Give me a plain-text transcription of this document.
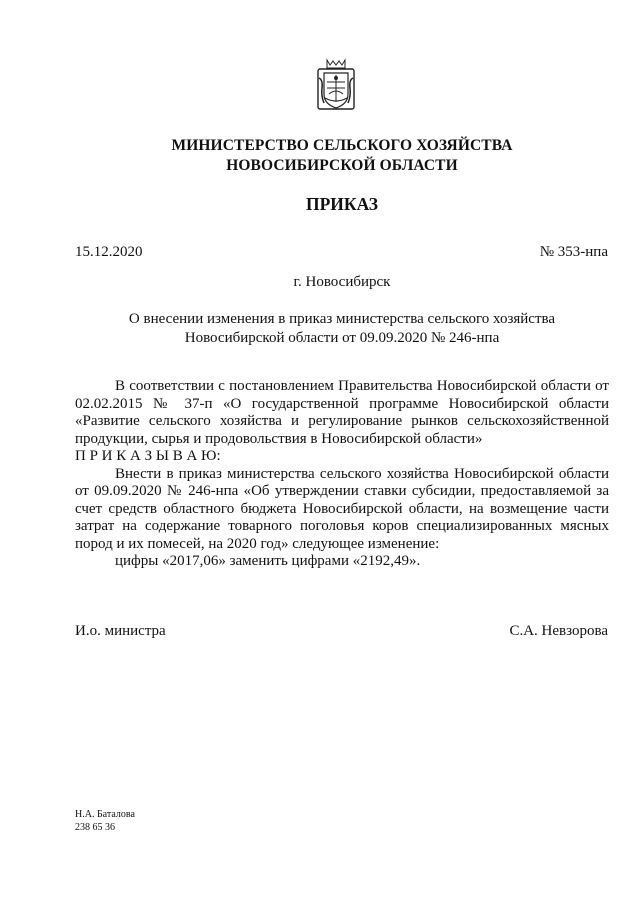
МИНИСТЕРСТВО СЕЛЬСКОГО ХОЗЯЙСТВА
НОВОСИБИРСКОЙ ОБЛАСТИ
ПРИКАЗ
15.12.2020	№ 353-нпа
г. Новосибирск
О внесении изменения в приказ министерства сельского хозяйства
Новосибирской области от 09.09.2020 № 246-нпа

В соответствии с постановлением Правительства Новосибирской области от 02.02.2015 № 37-п «О государственной программе Новосибирской области «Развитие сельского хозяйства и регулирование рынков сельскохозяйственной продукции, сырья и продовольствия в Новосибирской области»

П Р И К А З Ы В А Ю:

Внести в приказ министерства сельского хозяйства Новосибирской области от 09.09.2020 № 246-нпа «Об утверждении ставки субсидии, предоставляемой за счет средств областного бюджета Новосибирской области, на возмещение части затрат на содержание товарного поголовья коров специализированных мясных пород и их помесей, на 2020 год» следующее изменение:

цифры «2017,06» заменить цифрами «2192,49».

И.о. министра	С.А. Невзорова
Н.А. Баталова
238 65 36
